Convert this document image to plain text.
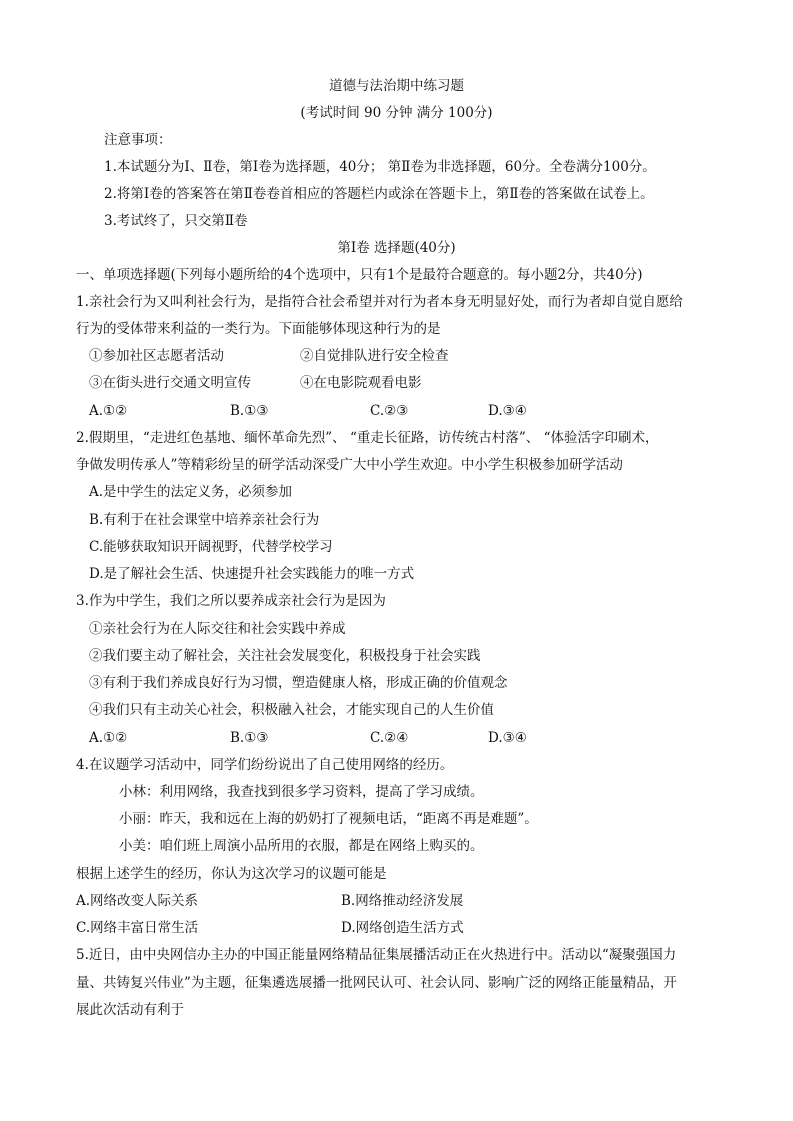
道德与法治期中练习题
(考试时间 90 分钟 满分 100分)
注意事项：
1.本试题分为Ⅰ、Ⅱ卷，第Ⅰ卷为选择题，40分； 第Ⅱ卷为非选择题，60分。全卷满分100分。
2.将第Ⅰ卷的答案答在第Ⅱ卷卷首相应的答题栏内或涂在答题卡上，第Ⅱ卷的答案做在试卷上。
3.考试终了，只交第Ⅱ卷
第Ⅰ卷 选择题(40分)
一、单项选择题(下列每小题所给的4个选项中，只有1个是最符合题意的。每小题2分，共40分)
1.亲社会行为又叫利社会行为，是指符合社会希望并对行为者本身无明显好处，而行为者却自觉自愿给
行为的受体带来利益的一类行为。下面能够体现这种行为的是
①参加社区志愿者活动	②自觉排队进行安全检查
③在街头进行交通文明宣传	④在电影院观看电影
A.①②	B.①③	C.②③	D.③④
2.假期里，“走进红色基地、缅怀革命先烈”、 “重走长征路，访传统古村落”、 “体验活字印刷术，
争做发明传承人”等精彩纷呈的研学活动深受广大中小学生欢迎。中小学生积极参加研学活动
A.是中学生的法定义务，必须参加
B.有利于在社会课堂中培养亲社会行为
C.能够获取知识开阔视野，代替学校学习
D.是了解社会生活、快速提升社会实践能力的唯一方式
3.作为中学生，我们之所以要养成亲社会行为是因为
①亲社会行为在人际交往和社会实践中养成
②我们要主动了解社会，关注社会发展变化，积极投身于社会实践
③有利于我们养成良好行为习惯，塑造健康人格，形成正确的价值观念
④我们只有主动关心社会，积极融入社会，才能实现自己的人生价值
A.①②	B.①③	C.②④	D.③④
4.在议题学习活动中，同学们纷纷说出了自己使用网络的经历。
小林：利用网络，我查找到很多学习资料，提高了学习成绩。
小丽：昨天，我和远在上海的奶奶打了视频电话，“距离不再是难题”。
小美：咱们班上周演小品所用的衣服，都是在网络上购买的。
根据上述学生的经历，你认为这次学习的议题可能是
A.网络改变人际关系	B.网络推动经济发展
C.网络丰富日常生活	D.网络创造生活方式
5.近日，由中央网信办主办的中国正能量网络精品征集展播活动正在火热进行中。活动以“凝聚强国力
量、共铸复兴伟业”为主题，征集遴选展播一批网民认可、社会认同、影响广泛的网络正能量精品，开
展此次活动有利于
